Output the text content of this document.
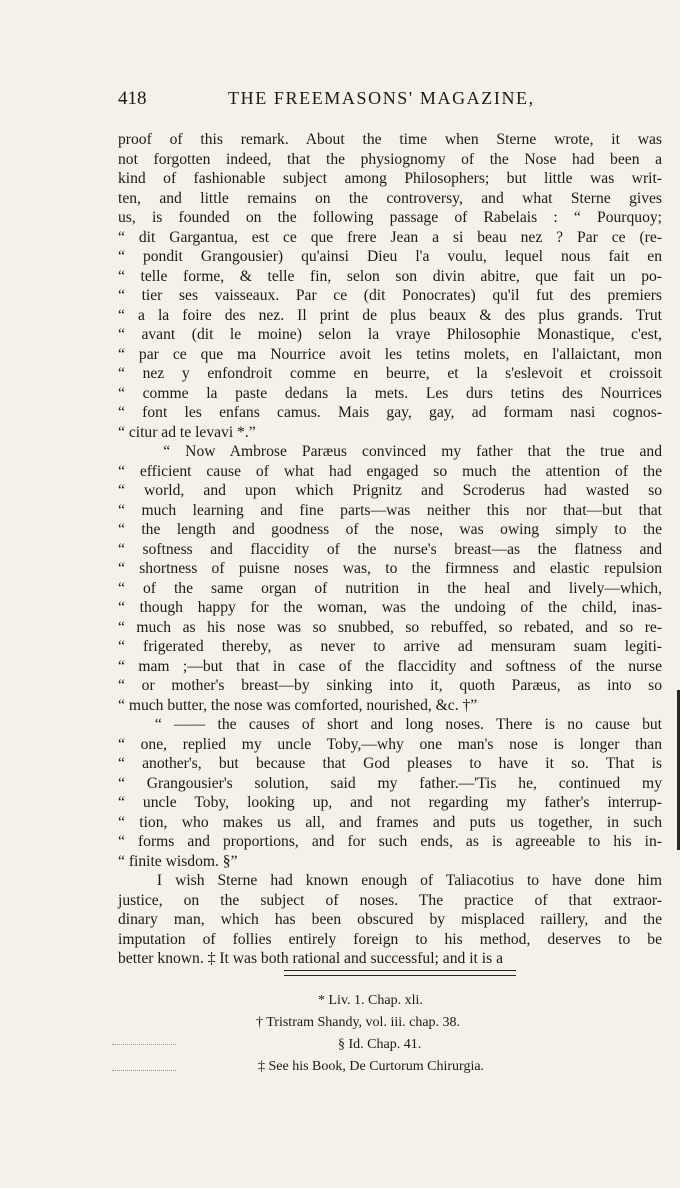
418	THE FREEMASONS' MAGAZINE,
proof of this remark. About the time when Sterne wrote, it was
not forgotten indeed, that the physiognomy of the Nose had been a
kind of fashionable subject among Philosophers; but little was writ-
ten, and little remains on the controversy, and what Sterne gives
us, is founded on the following passage of Rabelais : “ Pourquoy;
“ dit Gargantua, est ce que frere Jean a si beau nez ? Par ce (re-
“ pondit Grangousier) qu'ainsi Dieu l'a voulu, lequel nous fait en
“ telle forme, & telle fin, selon son divin abitre, que fait un po-
“ tier ses vaisseaux. Par ce (dit Ponocrates) qu'il fut des premiers
“ a la foire des nez. Il print de plus beaux & des plus grands. Trut
“ avant (dit le moine) selon la vraye Philosophie Monastique, c'est,
“ par ce que ma Nourrice avoit les tetins molets, en l'allaictant, mon
“ nez y enfondroit comme en beurre, et la s'eslevoit et croissoit
“ comme la paste dedans la mets. Les durs tetins des Nourrices
“ font les enfans camus. Mais gay, gay, ad formam nasi cognos-
“ citur ad te levavi *.”
“ Now Ambrose Paræus convinced my father that the true and
“ efficient cause of what had engaged so much the attention of the
“ world, and upon which Prignitz and Scroderus had wasted so
“ much learning and fine parts—was neither this nor that—but that
“ the length and goodness of the nose, was owing simply to the
“ softness and flaccidity of the nurse's breast—as the flatness and
“ shortness of puisne noses was, to the firmness and elastic repulsion
“ of the same organ of nutrition in the heal and lively—which,
“ though happy for the woman, was the undoing of the child, inas-
“ much as his nose was so snubbed, so rebuffed, so rebated, and so re-
“ frigerated thereby, as never to arrive ad mensuram suam legiti-
“ mam ;—but that in case of the flaccidity and softness of the nurse
“ or mother's breast—by sinking into it, quoth Paræus, as into so
“ much butter, the nose was comforted, nourished, &c. †”
“ —— the causes of short and long noses. There is no cause but
“ one, replied my uncle Toby,—why one man's nose is longer than
“ another's, but because that God pleases to have it so. That is
“ Grangousier's solution, said my father.—'Tis he, continued my
“ uncle Toby, looking up, and not regarding my father's interrup-
“ tion, who makes us all, and frames and puts us together, in such
“ forms and proportions, and for such ends, as is agreeable to his in-
“ finite wisdom. §”
I wish Sterne had known enough of Taliacotius to have done him
justice, on the subject of noses. The practice of that extraor-
dinary man, which has been obscured by misplaced raillery, and the
imputation of follies entirely foreign to his method, deserves to be
better known. ‡ It was both rational and successful; and it is a
* Liv. 1. Chap. xli.
† Tristram Shandy, vol. iii. chap. 38.
§ Id. Chap. 41.
‡ See his Book, De Curtorum Chirurgia.
